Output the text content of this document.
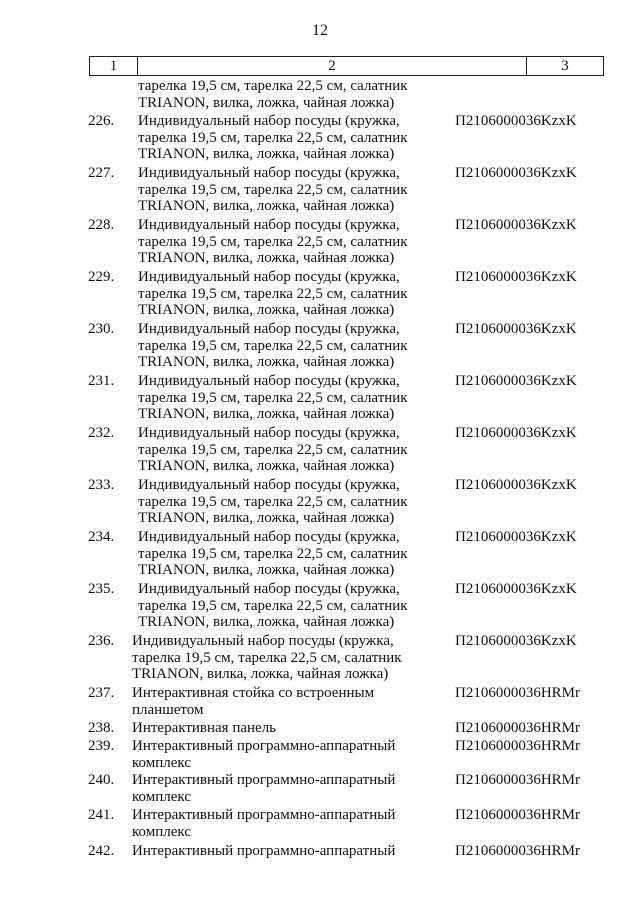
12
1	2	3
тарелка 19,5 см, тарелка 22,5 см, салатник
TRIANON, вилка, ложка, чайная ложка)
226.	Индивидуальный набор посуды (кружка,
тарелка 19,5 см, тарелка 22,5 см, салатник
TRIANON, вилка, ложка, чайная ложка)
П2106000036KzxK
227.	Индивидуальный набор посуды (кружка,
тарелка 19,5 см, тарелка 22,5 см, салатник
TRIANON, вилка, ложка, чайная ложка)
П2106000036KzxK
228.	Индивидуальный набор посуды (кружка,
тарелка 19,5 см, тарелка 22,5 см, салатник
TRIANON, вилка, ложка, чайная ложка)
П2106000036KzxK
229.	Индивидуальный набор посуды (кружка,
тарелка 19,5 см, тарелка 22,5 см, салатник
TRIANON, вилка, ложка, чайная ложка)
П2106000036KzxK
230.	Индивидуальный набор посуды (кружка,
тарелка 19,5 см, тарелка 22,5 см, салатник
TRIANON, вилка, ложка, чайная ложка)
П2106000036KzxK
231.	Индивидуальный набор посуды (кружка,
тарелка 19,5 см, тарелка 22,5 см, салатник
TRIANON, вилка, ложка, чайная ложка)
П2106000036KzxK
232.	Индивидуальный набор посуды (кружка,
тарелка 19,5 см, тарелка 22,5 см, салатник
TRIANON, вилка, ложка, чайная ложка)
П2106000036KzxK
233.	Индивидуальный набор посуды (кружка,
тарелка 19,5 см, тарелка 22,5 см, салатник
TRIANON, вилка, ложка, чайная ложка)
П2106000036KzxK
234.	Индивидуальный набор посуды (кружка,
тарелка 19,5 см, тарелка 22,5 см, салатник
TRIANON, вилка, ложка, чайная ложка)
П2106000036KzxK
235.	Индивидуальный набор посуды (кружка,
тарелка 19,5 см, тарелка 22,5 см, салатник
TRIANON, вилка, ложка, чайная ложка)
П2106000036KzxK
236.	Индивидуальный набор посуды (кружка,
тарелка 19,5 см, тарелка 22,5 см, салатник
TRIANON, вилка, ложка, чайная ложка)
П2106000036KzxK
237.	Интерактивная стойка со встроенным
планшетом
П2106000036HRMr
238.	Интерактивная панель	П2106000036HRMr
239.	Интерактивный программно-аппаратный
комплекс
П2106000036HRMr
240.	Интерактивный программно-аппаратный
комплекс
П2106000036HRMr
241.	Интерактивный программно-аппаратный
комплекс
П2106000036HRMr
242.	Интерактивный программно-аппаратный	П2106000036HRMr
